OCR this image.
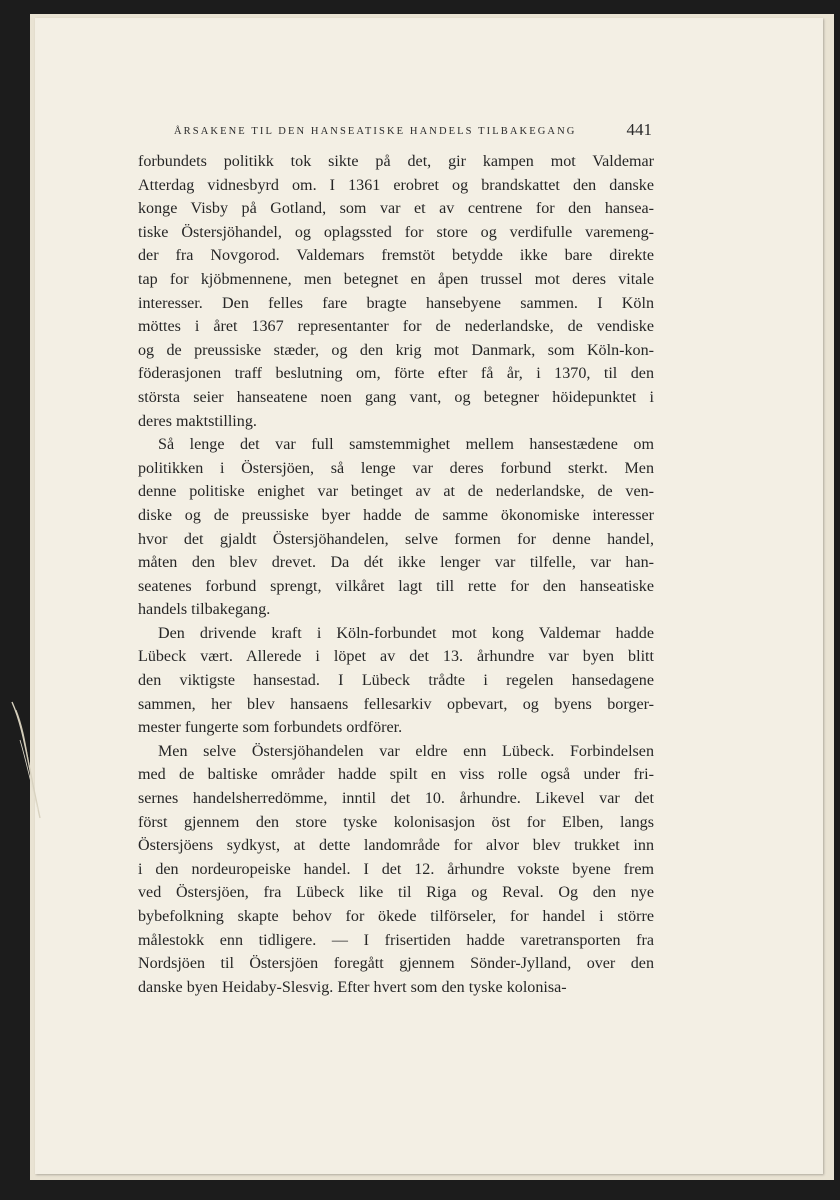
ÅRSAKENE TIL DEN HANSEATISKE HANDELS TILBAKEGANG	441
forbundets politikk tok sikte på det, gir kampen mot Valdemar
Atterdag vidnesbyrd om. I 1361 erobret og brandskattet den danske
konge Visby på Gotland, som var et av centrene for den hansea-
tiske Östersjöhandel, og oplagssted for store og verdifulle varemeng-
der fra Novgorod. Valdemars fremstöt betydde ikke bare direkte
tap for kjöbmennene, men betegnet en åpen trussel mot deres vitale
interesser. Den felles fare bragte hansebyene sammen. I Köln
möttes i året 1367 representanter for de nederlandske, de vendiske
og de preussiske stæder, og den krig mot Danmark, som Köln-kon-
föderasjonen traff beslutning om, förte efter få år, i 1370, til den
största seier hanseatene noen gang vant, og betegner höidepunktet i
deres maktstilling.
Så lenge det var full samstemmighet mellem hansestædene om
politikken i Östersjöen, så lenge var deres forbund sterkt. Men
denne politiske enighet var betinget av at de nederlandske, de ven-
diske og de preussiske byer hadde de samme ökonomiske interesser
hvor det gjaldt Östersjöhandelen, selve formen for denne handel,
måten den blev drevet. Da dét ikke lenger var tilfelle, var han-
seatenes forbund sprengt, vilkåret lagt till rette for den hanseatiske
handels tilbakegang.
Den drivende kraft i Köln-forbundet mot kong Valdemar hadde
Lübeck vært. Allerede i löpet av det 13. århundre var byen blitt
den viktigste hansestad. I Lübeck trådte i regelen hansedagene
sammen, her blev hansaens fellesarkiv opbevart, og byens borger-
mester fungerte som forbundets ordförer.
Men selve Östersjöhandelen var eldre enn Lübeck. Forbindelsen
med de baltiske områder hadde spilt en viss rolle også under fri-
sernes handelsherredömme, inntil det 10. århundre. Likevel var det
först gjennem den store tyske kolonisasjon öst for Elben, langs
Östersjöens sydkyst, at dette landområde for alvor blev trukket inn
i den nordeuropeiske handel. I det 12. århundre vokste byene frem
ved Östersjöen, fra Lübeck like til Riga og Reval. Og den nye
bybefolkning skapte behov for ökede tilförseler, for handel i större
målestokk enn tidligere. — I frisertiden hadde varetransporten fra
Nordsjöen til Östersjöen foregått gjennem Sönder-Jylland, over den
danske byen Heidaby-Slesvig. Efter hvert som den tyske kolonisa-
